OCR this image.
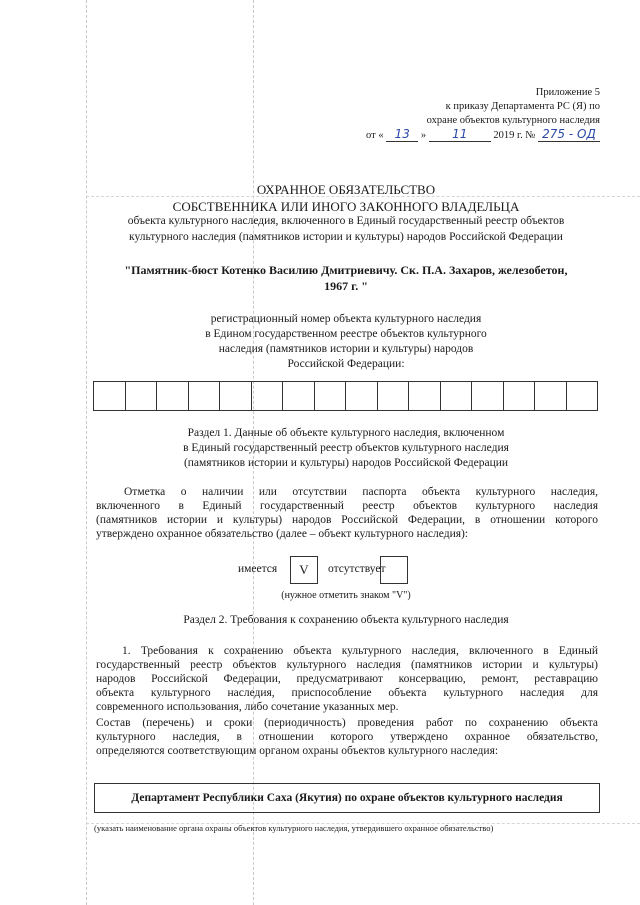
Приложение 5
к приказу Департамента РС (Я) по
охране объектов культурного наследия
от « 13 » 11 2019 г. № 275 - ОД
ОХРАННОЕ ОБЯЗАТЕЛЬСТВО
СОБСТВЕННИКА ИЛИ ИНОГО ЗАКОННОГО ВЛАДЕЛЬЦА
объекта культурного наследия, включенного в Единый государственный реестр объектов
культурного наследия (памятников истории и культуры) народов Российской Федерации
"Памятник-бюст Котенко Василию Дмитриевичу. Ск. П.А. Захаров, железобетон,
1967 г. "
регистрационный номер объекта культурного наследия
в Едином государственном реестре объектов культурного
наследия (памятников истории и культуры) народов
Российской Федерации:
Раздел 1. Данные об объекте культурного наследия, включенном
в Единый государственный реестр объектов культурного наследия
(памятников истории и культуры) народов Российской Федерации
Отметка о наличии или отсутствии паспорта объекта культурного наследия,
включенного в Единый государственный реестр объектов культурного наследия
(памятников истории и культуры) народов Российской Федерации, в отношении которого
утверждено охранное обязательство (далее – объект культурного наследия):
имеется	V	отсутствует
(нужное отметить знаком "V")
Раздел 2. Требования к сохранению объекта культурного наследия
1. Требования к сохранению объекта культурного наследия, включенного в Единый
государственный реестр объектов культурного наследия (памятников истории и культуры)
народов Российской Федерации, предусматривают консервацию, ремонт, реставрацию
объекта культурного наследия, приспособление объекта культурного наследия для
современного использования, либо сочетание указанных мер.
Состав (перечень) и сроки (периодичность) проведения работ по сохранению объекта
культурного наследия, в отношении которого утверждено охранное обязательство,
определяются соответствующим органом охраны объектов культурного наследия:
Департамент Республики Саха (Якутия) по охране объектов культурного наследия
(указать наименование органа охраны объектов культурного наследия, утвердившего охранное обязательство)
